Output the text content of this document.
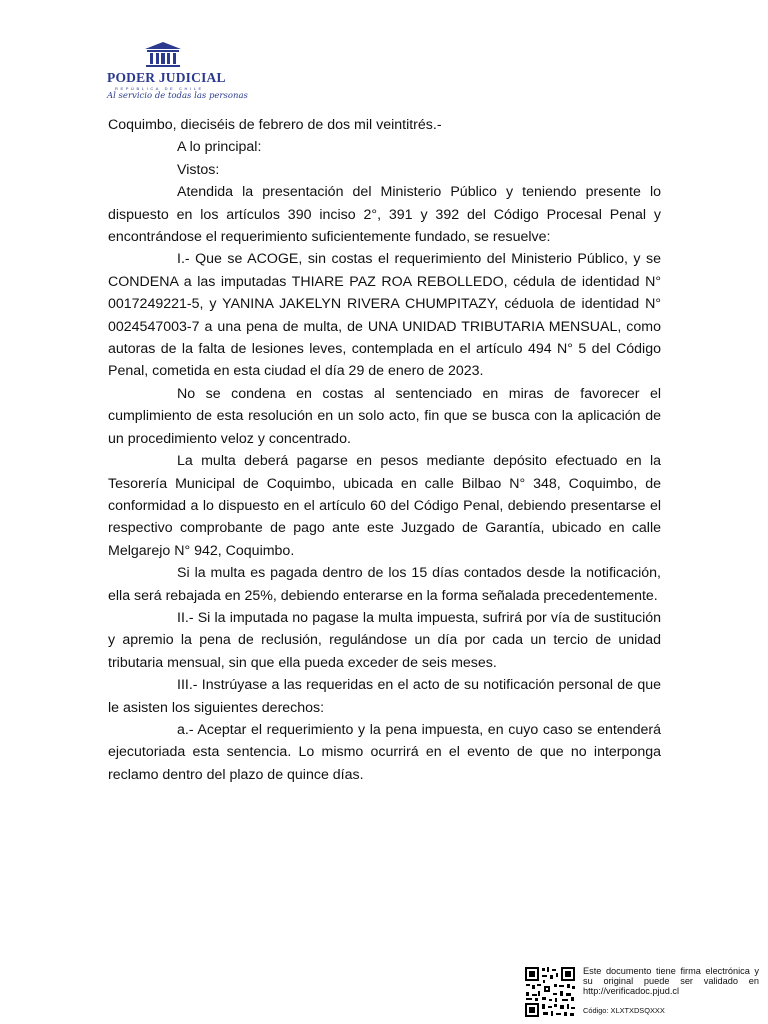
PODER JUDICIAL
REPÚBLICA DE CHILE
Al servicio de todas las personas

Coquimbo, dieciséis de febrero de dos mil veintitrés.-

A lo principal:

Vistos:

Atendida la presentación del Ministerio Público y teniendo presente lo dispuesto en los artículos 390 inciso 2°, 391 y 392 del Código Procesal Penal y encontrándose el requerimiento suficientemente fundado, se resuelve:

I.- Que se ACOGE, sin costas el requerimiento del Ministerio Público, y se CONDENA a las imputadas THIARE PAZ ROA REBOLLEDO, cédula de identidad N° 0017249221-5, y YANINA JAKELYN RIVERA CHUMPITAZY, céduola de identidad N° 0024547003-7 a una pena de multa, de UNA UNIDAD TRIBUTARIA MENSUAL, como autoras de la falta de lesiones leves, contemplada en el artículo 494 N° 5 del Código Penal, cometida en esta ciudad el día 29 de enero de 2023.

No se condena en costas al sentenciado en miras de favorecer el cumplimiento de esta resolución en un solo acto, fin que se busca con la aplicación de un procedimiento veloz y concentrado.

La multa deberá pagarse en pesos mediante depósito efectuado en la Tesorería Municipal de Coquimbo, ubicada en calle Bilbao N° 348, Coquimbo, de conformidad a lo dispuesto en el artículo 60 del Código Penal, debiendo presentarse el respectivo comprobante de pago ante este Juzgado de Garantía, ubicado en calle Melgarejo N° 942, Coquimbo.

Si la multa es pagada dentro de los 15 días contados desde la notificación, ella será rebajada en 25%, debiendo enterarse en la forma señalada precedentemente.

II.- Si la imputada no pagase la multa impuesta, sufrirá por vía de sustitución y apremio la pena de reclusión, regulándose un día por cada un tercio de unidad tributaria mensual, sin que ella pueda exceder de seis meses.

III.- Instrúyase a las requeridas en el acto de su notificación personal de que le asisten los siguientes derechos:

a.- Aceptar el requerimiento y la pena impuesta, en cuyo caso se entenderá ejecutoriada esta sentencia. Lo mismo ocurrirá en el evento de que no interponga reclamo dentro del plazo de quince días.

Este documento tiene firma electrónica y su original puede ser validado en http://verificadoc.pjud.cl
Código: XLXTXDSQXXX
